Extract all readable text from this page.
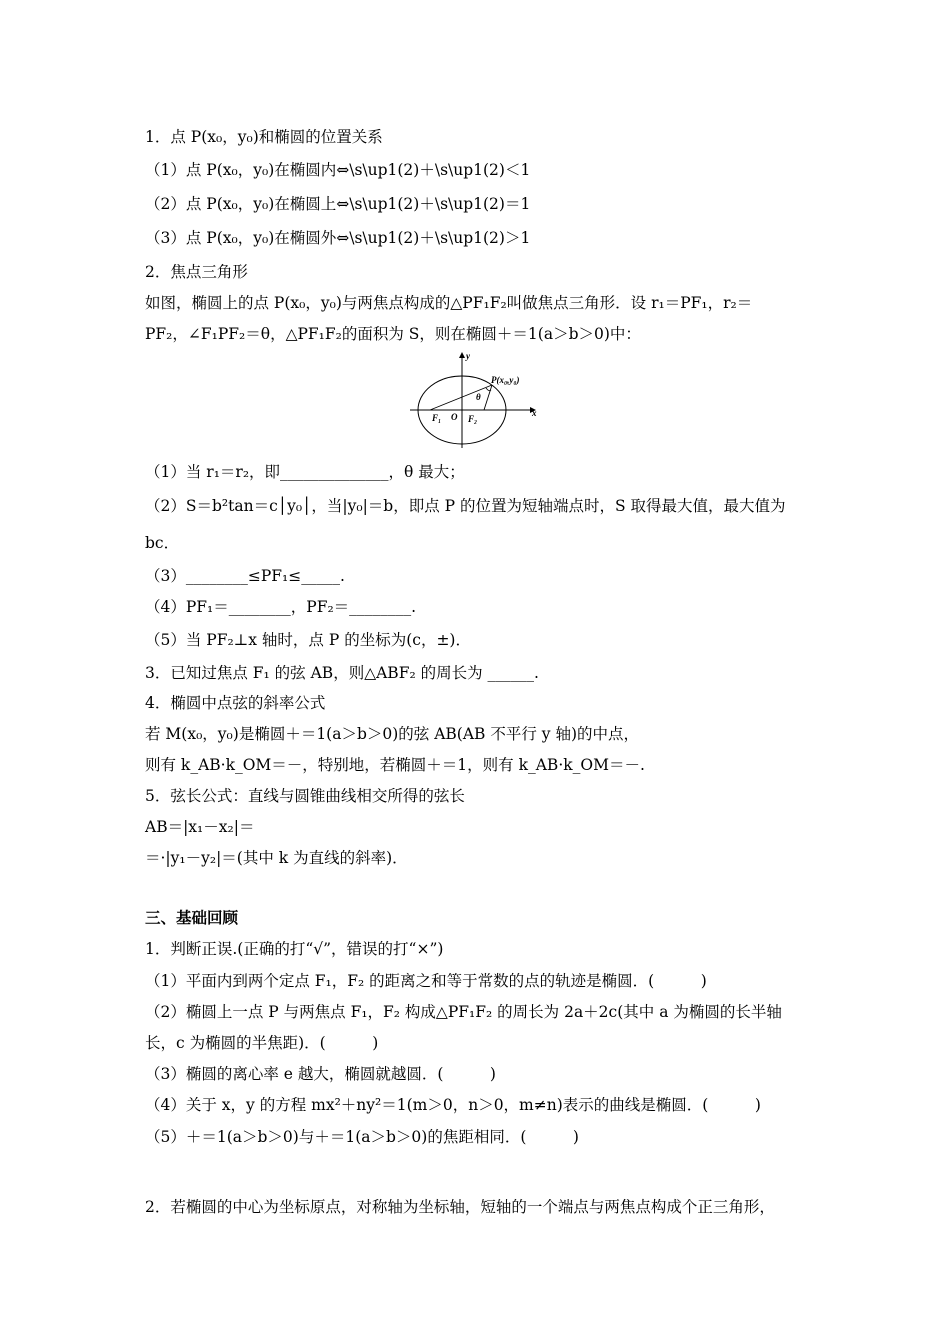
1．点 P(x₀，y₀)和椭圆的位置关系
（1）点 P(x₀，y₀)在椭圆内⇔\s\up1(2)＋\s\up1(2)＜1
（2）点 P(x₀，y₀)在椭圆上⇔\s\up1(2)＋\s\up1(2)＝1
（3）点 P(x₀，y₀)在椭圆外⇔\s\up1(2)＋\s\up1(2)＞1
2．焦点三角形
如图，椭圆上的点 P(x₀，y₀)与两焦点构成的△PF₁F₂叫做焦点三角形．设 r₁＝PF₁，r₂＝
PF₂，∠F₁PF₂＝θ，△PF₁F₂的面积为 S，则在椭圆＋＝1(a＞b＞0)中：
y
x
P(x₀,y₀)
θ
F₁ O F₂
（1）当 r₁＝r₂，即______________，θ 最大；
（2）S＝b²tan＝c│y₀│，当|y₀|＝b，即点 P 的位置为短轴端点时，S 取得最大值，最大值为
bc．
（3）________≤PF₁≤_____.
（4）PF₁＝________，PF₂＝________.
（5）当 PF₂⊥x 轴时，点 P 的坐标为(c，±)．
3．已知过焦点 F₁ 的弦 AB，则△ABF₂ 的周长为 ______.
4．椭圆中点弦的斜率公式
若 M(x₀，y₀)是椭圆＋＝1(a＞b＞0)的弦 AB(AB 不平行 y 轴)的中点，
则有 k_AB·k_OM＝－，特别地，若椭圆＋＝1，则有 k_AB·k_OM＝－.
5．弦长公式：直线与圆锥曲线相交所得的弦长
AB＝|x₁－x₂|＝
＝·|y₁－y₂|＝(其中 k 为直线的斜率)．
三、基础回顾
1．判断正误.(正确的打“√”，错误的打“×”)
（1）平面内到两个定点 F₁，F₂ 的距离之和等于常数的点的轨迹是椭圆．(　　　)
（2）椭圆上一点 P 与两焦点 F₁，F₂ 构成△PF₁F₂ 的周长为 2a＋2c(其中 a 为椭圆的长半轴
长，c 为椭圆的半焦距)．(　　　)
（3）椭圆的离心率 e 越大，椭圆就越圆．(　　　)
（4）关于 x，y 的方程 mx²＋ny²＝1(m＞0，n＞0，m≠n)表示的曲线是椭圆．(　　　)
（5）＋＝1(a＞b＞0)与＋＝1(a＞b＞0)的焦距相同．(　　　)
2．若椭圆的中心为坐标原点，对称轴为坐标轴，短轴的一个端点与两焦点构成个正三角形，
